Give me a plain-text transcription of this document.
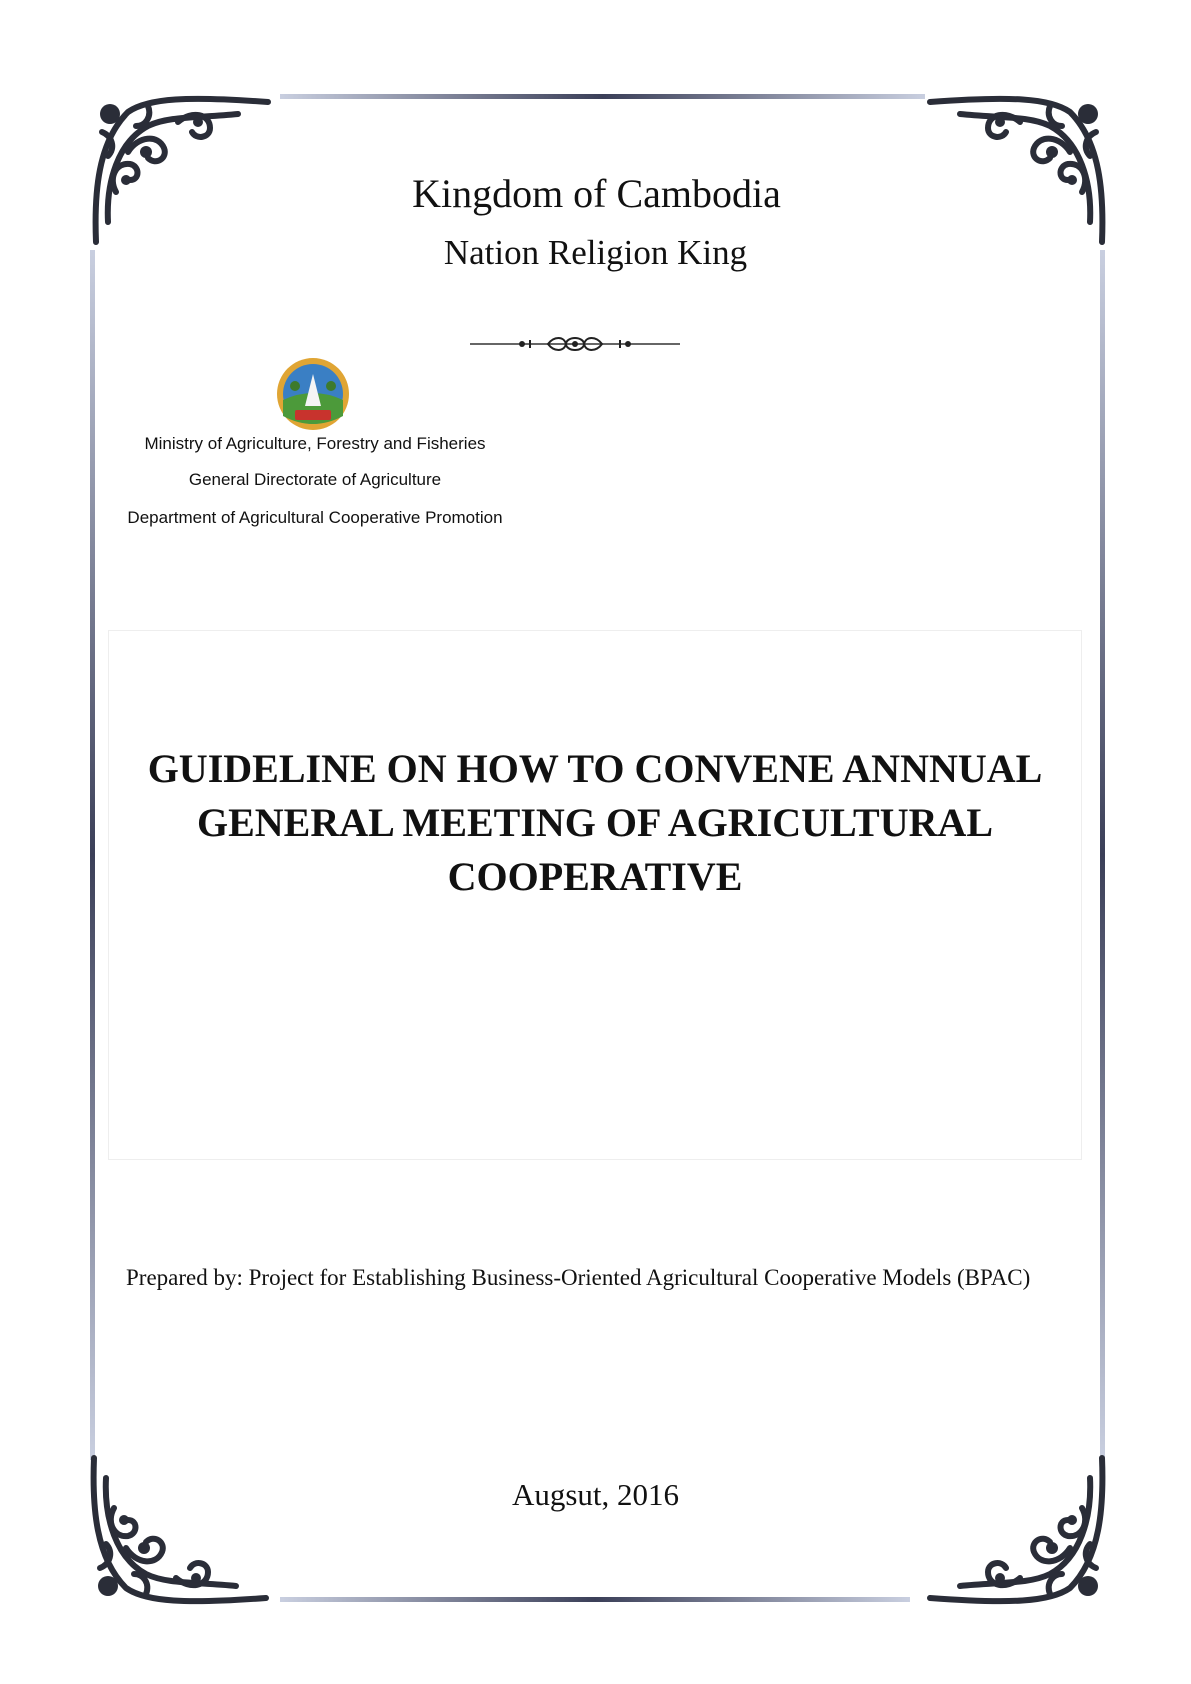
Kingdom of Cambodia
Nation Religion King
Ministry of Agriculture, Forestry and Fisheries
General Directorate of Agriculture
Department of Agricultural Cooperative Promotion
GUIDELINE ON HOW TO CONVENE ANNNUAL
GENERAL MEETING OF AGRICULTURAL
COOPERATIVE
Prepared by: Project for Establishing Business-Oriented Agricultural Cooperative Models (BPAC)
Augsut, 2016
